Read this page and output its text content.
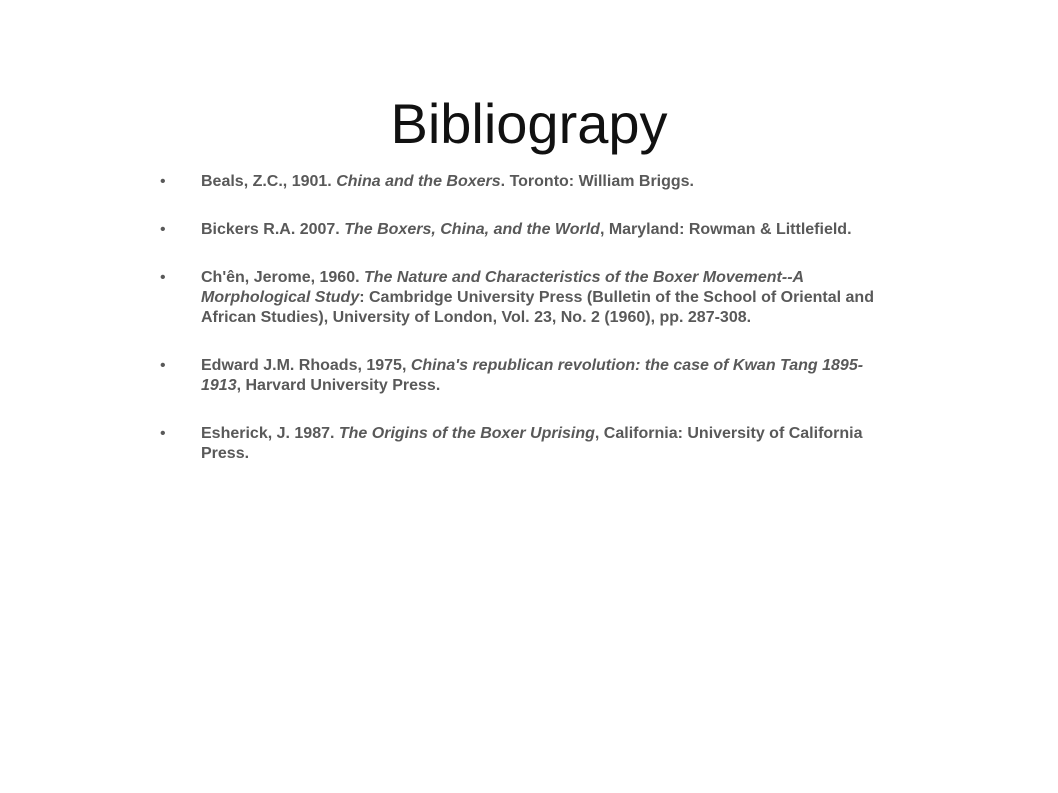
Bibliograpy
• Beals, Z.C., 1901. China and the Boxers. Toronto: William Briggs.
• Bickers R.A. 2007. The Boxers, China, and the World, Maryland: Rowman & Littlefield.
• Ch'ên, Jerome, 1960. The Nature and Characteristics of the Boxer Movement--A Morphological Study: Cambridge University Press (Bulletin of the School of Oriental and African Studies), University of London, Vol. 23, No. 2 (1960), pp. 287-308.
• Edward J.M. Rhoads, 1975, China's republican revolution: the case of Kwan Tang 1895-1913, Harvard University Press.
• Esherick, J. 1987. The Origins of the Boxer Uprising, California: University of California Press.
